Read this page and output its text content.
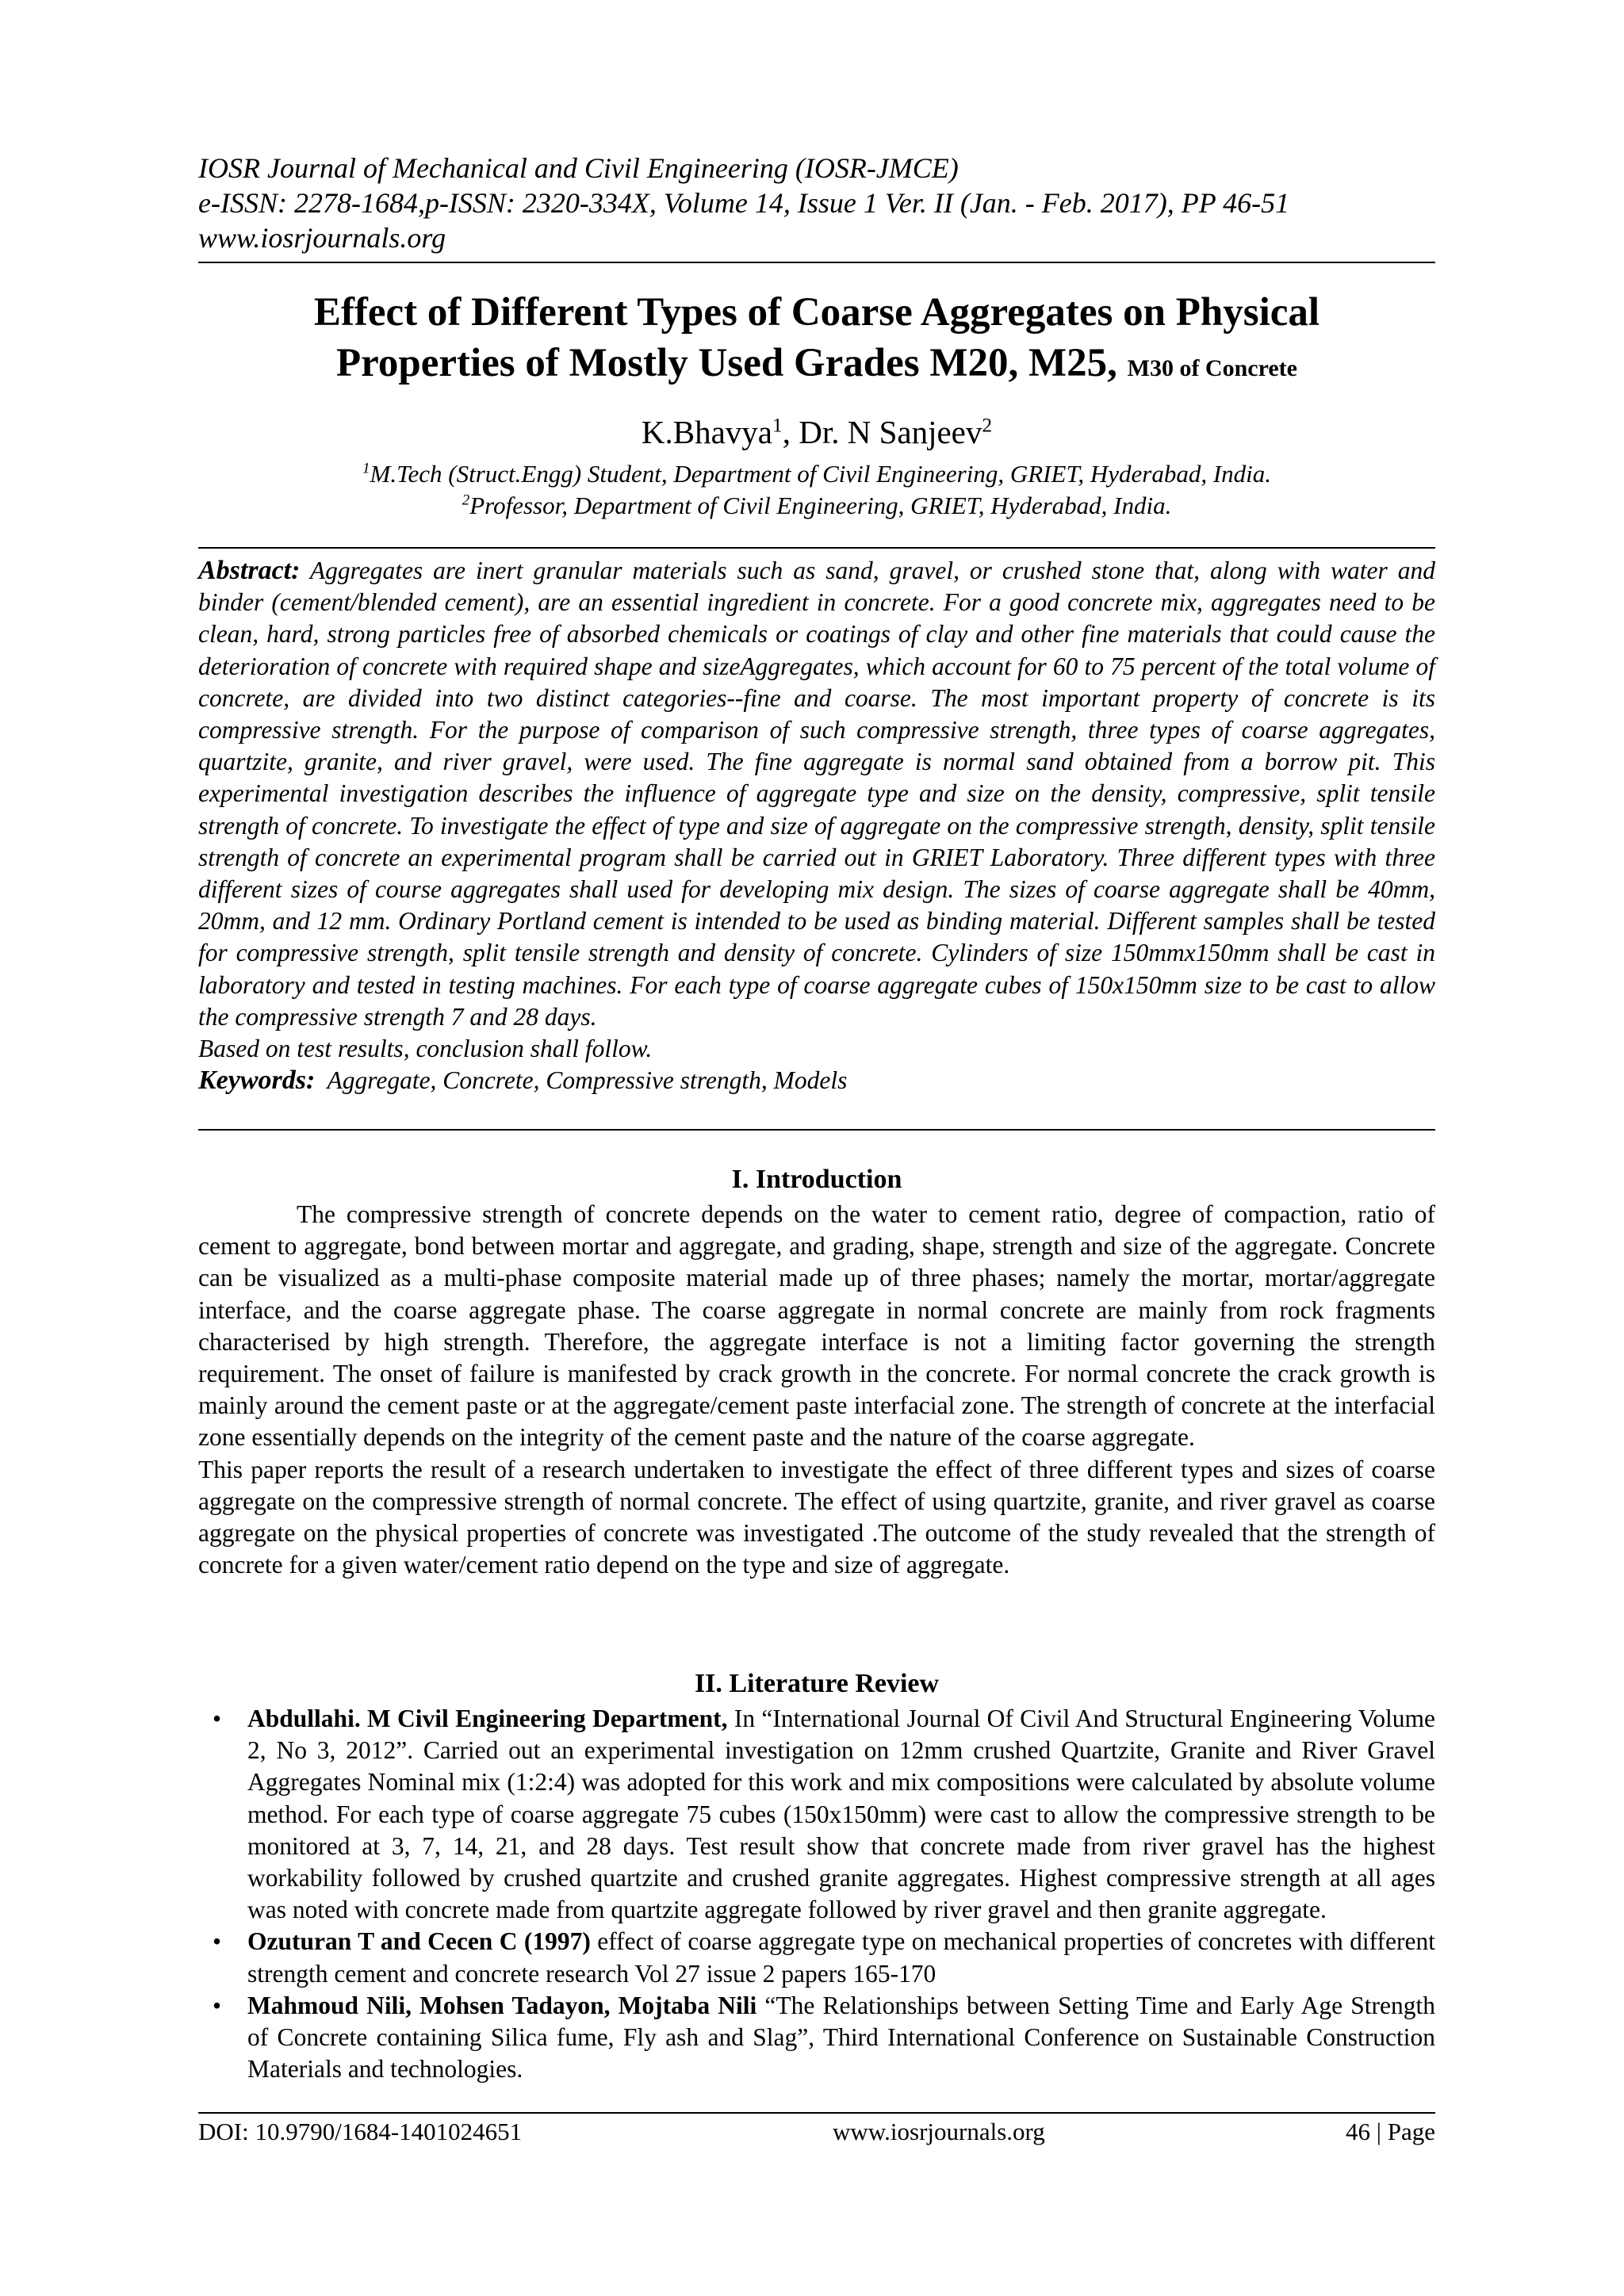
IOSR Journal of Mechanical and Civil Engineering (IOSR-JMCE)
e-ISSN: 2278-1684,p-ISSN: 2320-334X, Volume 14, Issue 1 Ver. II (Jan. - Feb. 2017), PP 46-51
www.iosrjournals.org
Effect of Different Types of Coarse Aggregates on Physical
Properties of Mostly Used Grades M20, M25, M30 of Concrete
K.Bhavya$^1$, Dr. N Sanjeev$^2$
$^1$M.Tech (Struct.Engg) Student, Department of Civil Engineering, GRIET, Hyderabad, India.
$^2$Professor, Department of Civil Engineering, GRIET, Hyderabad, India.

Abstract: Aggregates are inert granular materials such as sand, gravel, or crushed stone that, along with water and binder (cement/blended cement), are an essential ingredient in concrete. For a good concrete mix, aggregates need to be clean, hard, strong particles free of absorbed chemicals or coatings of clay and other fine materials that could cause the deterioration of concrete with required shape and sizeAggregates, which account for 60 to 75 percent of the total volume of concrete, are divided into two distinct categories--fine and coarse. The most important property of concrete is its compressive strength. For the purpose of comparison of such compressive strength, three types of coarse aggregates, quartzite, granite, and river gravel, were used. The fine aggregate is normal sand obtained from a borrow pit. This experimental investigation describes the influence of aggregate type and size on the density, compressive, split tensile strength of concrete. To investigate the effect of type and size of aggregate on the compressive strength, density, split tensile strength of concrete an experimental program shall be carried out in GRIET Laboratory. Three different types with three different sizes of course aggregates shall used for developing mix design. The sizes of coarse aggregate shall be 40mm, 20mm, and 12 mm. Ordinary Portland cement is intended to be used as binding material. Different samples shall be tested for compressive strength, split tensile strength and density of concrete. Cylinders of size 150mmx150mm shall be cast in laboratory and tested in testing machines. For each type of coarse aggregate cubes of 150x150mm size to be cast to allow the compressive strength 7 and 28 days.

Based on test results, conclusion shall follow.

Keywords: Aggregate, Concrete, Compressive strength, Models

I. Introduction

The compressive strength of concrete depends on the water to cement ratio, degree of compaction, ratio of cement to aggregate, bond between mortar and aggregate, and grading, shape, strength and size of the aggregate. Concrete can be visualized as a multi-phase composite material made up of three phases; namely the mortar, mortar/aggregate interface, and the coarse aggregate phase. The coarse aggregate in normal concrete are mainly from rock fragments characterised by high strength. Therefore, the aggregate interface is not a limiting factor governing the strength requirement. The onset of failure is manifested by crack growth in the concrete. For normal concrete the crack growth is mainly around the cement paste or at the aggregate/cement paste interfacial zone. The strength of concrete at the interfacial zone essentially depends on the integrity of the cement paste and the nature of the coarse aggregate.

This paper reports the result of a research undertaken to investigate the effect of three different types and sizes of coarse aggregate on the compressive strength of normal concrete. The effect of using quartzite, granite, and river gravel as coarse aggregate on the physical properties of concrete was investigated .The outcome of the study revealed that the strength of concrete for a given water/cement ratio depend on the type and size of aggregate.

II. Literature Review
• Abdullahi. M Civil Engineering Department, In “International Journal Of Civil And Structural Engineering Volume 2, No 3, 2012”. Carried out an experimental investigation on 12mm crushed Quartzite, Granite and River Gravel Aggregates Nominal mix (1:2:4) was adopted for this work and mix compositions were calculated by absolute volume method. For each type of coarse aggregate 75 cubes (150x150mm) were cast to allow the compressive strength to be monitored at 3, 7, 14, 21, and 28 days. Test result show that concrete made from river gravel has the highest workability followed by crushed quartzite and crushed granite aggregates. Highest compressive strength at all ages was noted with concrete made from quartzite aggregate followed by river gravel and then granite aggregate.
• Ozuturan T and Cecen C (1997) effect of coarse aggregate type on mechanical properties of concretes with different strength cement and concrete research Vol 27 issue 2 papers 165-170
• Mahmoud Nili, Mohsen Tadayon, Mojtaba Nili “The Relationships between Setting Time and Early Age Strength of Concrete containing Silica fume, Fly ash and Slag”, Third International Conference on Sustainable Construction Materials and technologies.
DOI: 10.9790/1684-1401024651	www.iosrjournals.org	46 | Page
